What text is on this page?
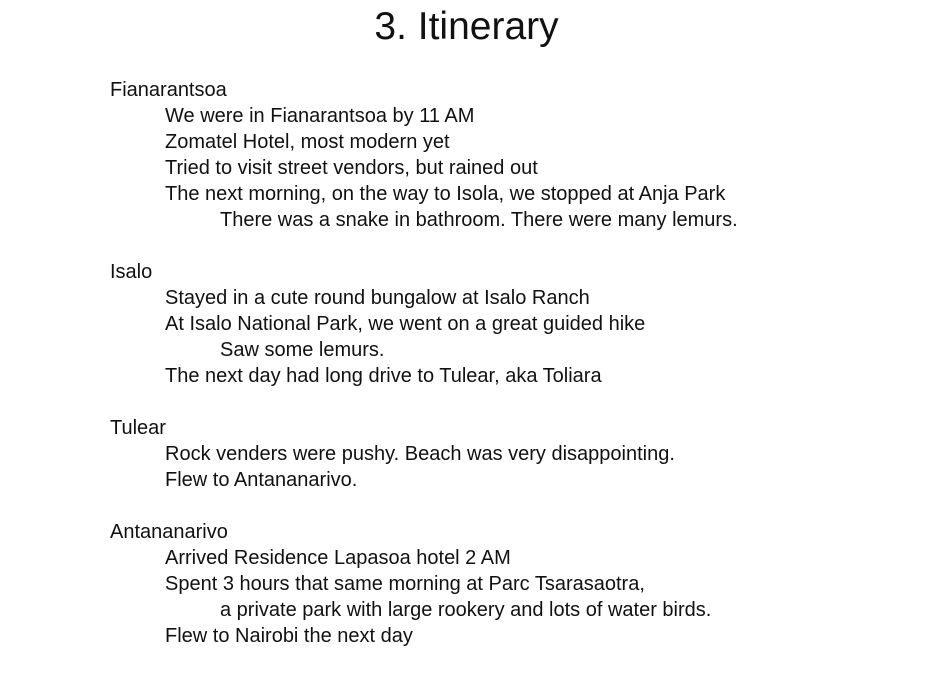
3. Itinerary
Fianarantsoa
We were in Fianarantsoa by 11 AM
Zomatel Hotel, most modern yet
Tried to visit street vendors, but rained out
The next morning, on the way to Isola, we stopped at Anja Park
There was a snake in bathroom. There were many lemurs.
Isalo
Stayed in a cute round bungalow at Isalo Ranch
At Isalo National Park, we went on a great guided hike
Saw some lemurs.
The next day had long drive to Tulear, aka Toliara
Tulear
Rock venders were pushy. Beach was very disappointing.
Flew to Antananarivo.
Antananarivo
Arrived Residence Lapasoa hotel 2 AM
Spent 3 hours that same morning at Parc Tsarasaotra,
a private park with large rookery and lots of water birds.
Flew to Nairobi the next day
